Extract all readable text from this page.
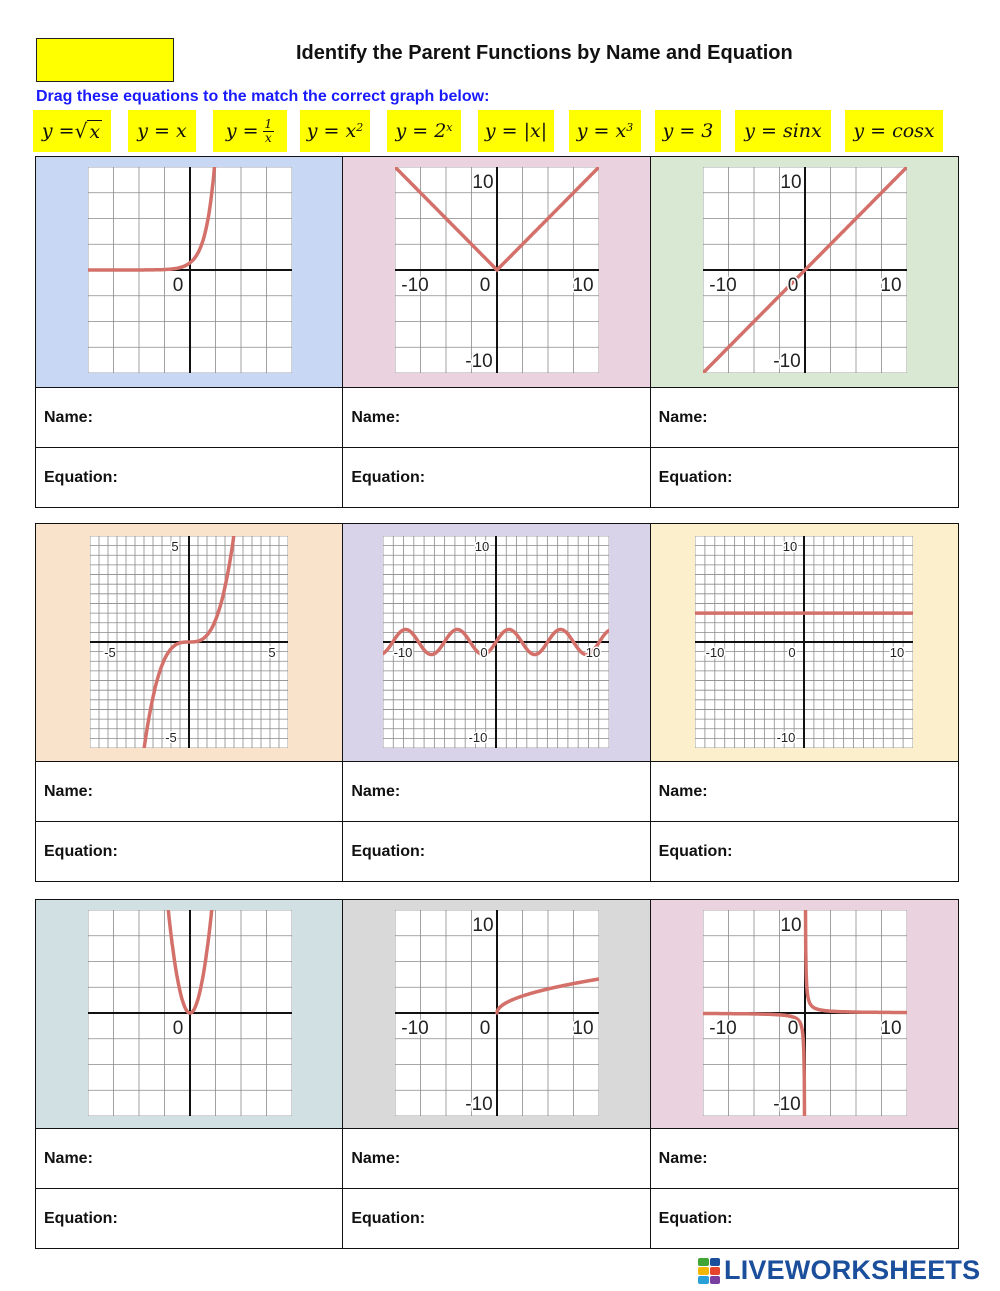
Identify the Parent Functions by Name and Equation
Drag these equations to the match the correct graph below:
y = √ x	y = x	$y = \frac{1}{x}$ $y = x^2$ $y = 2^x$	y = |x|	$y = x^3$	y = 3	y = sinx	y = cosx
0	0
-10	10
10
-10
0
-10	10
10
-10
Name:	Name:	Name:
Equation:	Equation:	Equation:
-5	5
5
-5
0
-10	10
10
-10
0
-10	10
10
-10
Name:	Name:	Name:
Equation:	Equation:	Equation:
0	0
-10	10
10
-10
0
-10	10
10
-10
Name:	Name:	Name:
Equation:	Equation:	Equation:
LIVEWORKSHEETS
